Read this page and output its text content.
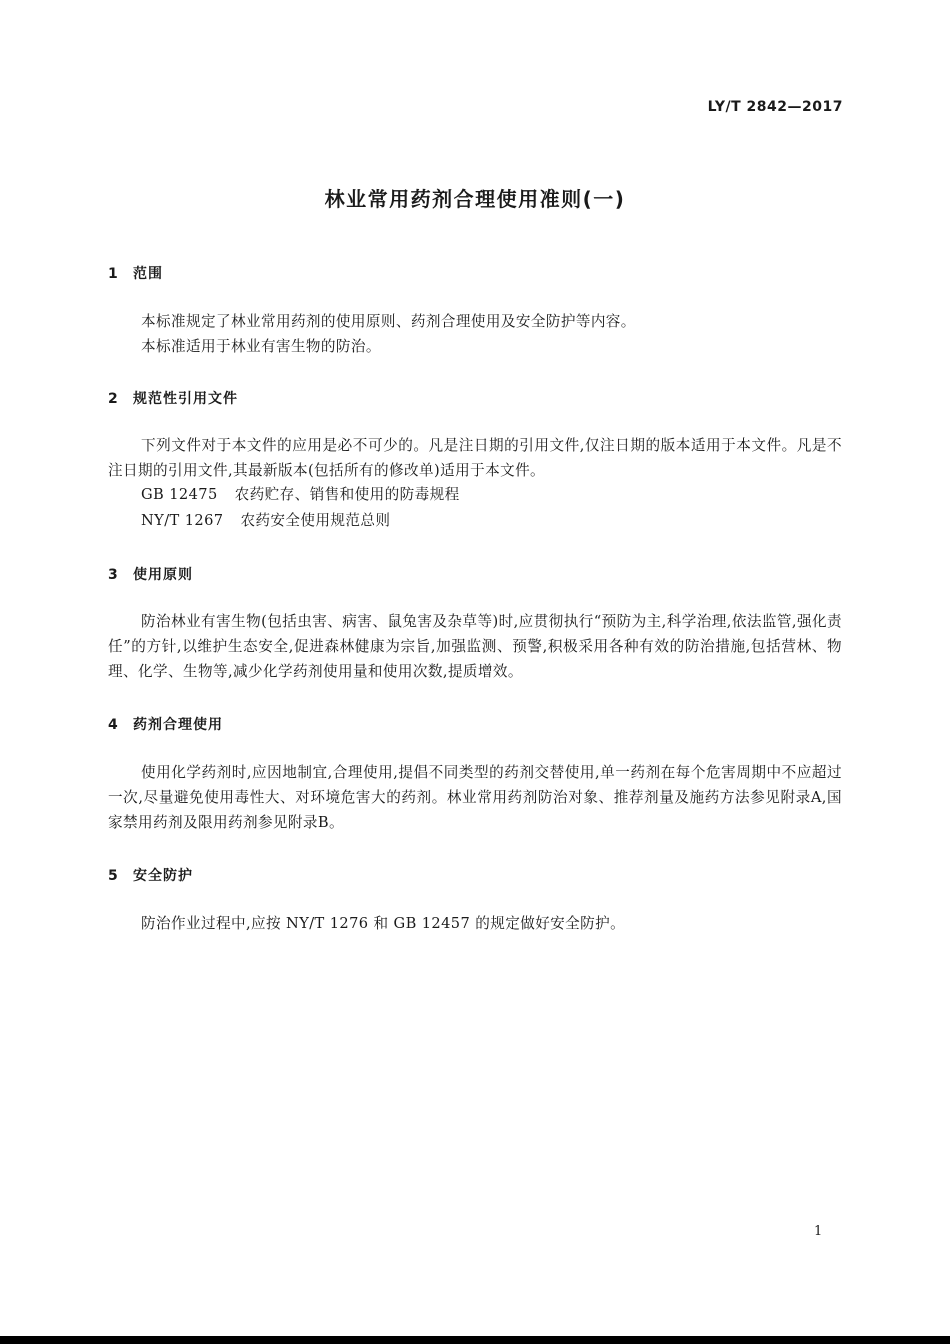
LY/T 2842—2017
林业常用药剂合理使用准则(一)
1 范围
本标准规定了林业常用药剂的使用原则、药剂合理使用及安全防护等内容。
本标准适用于林业有害生物的防治。
2 规范性引用文件
下列文件对于本文件的应用是必不可少的。凡是注日期的引用文件,仅注日期的版本适用于本文件。凡是不注日期的引用文件,其最新版本(包括所有的修改单)适用于本文件。
GB 12475 农药贮存、销售和使用的防毒规程
NY/T 1267 农药安全使用规范总则
3 使用原则
防治林业有害生物(包括虫害、病害、鼠兔害及杂草等)时,应贯彻执行“预防为主,科学治理,依法监管,强化责任”的方针,以维护生态安全,促进森林健康为宗旨,加强监测、预警,积极采用各种有效的防治措施,包括营林、物理、化学、生物等,减少化学药剂使用量和使用次数,提质增效。
4 药剂合理使用
使用化学药剂时,应因地制宜,合理使用,提倡不同类型的药剂交替使用,单一药剂在每个危害周期中不应超过一次,尽量避免使用毒性大、对环境危害大的药剂。林业常用药剂防治对象、推荐剂量及施药方法参见附录A,国家禁用药剂及限用药剂参见附录B。
5 安全防护
防治作业过程中,应按 NY/T 1276 和 GB 12457 的规定做好安全防护。
1
